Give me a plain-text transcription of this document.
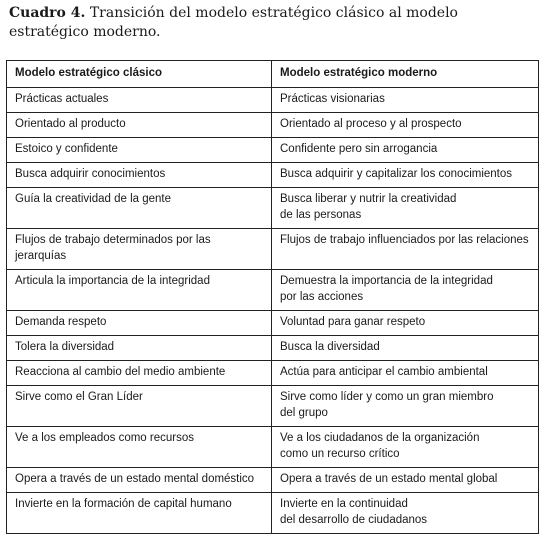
Cuadro 4. Transición del modelo estratégico clásico al modelo estratégico moderno.
Modelo estratégico clásico	Modelo estratégico moderno

Prácticas actuales	Prácticas visionarias

Orientado al producto	Orientado al proceso y al prospecto

Estoico y confidente	Confidente pero sin arrogancia

Busca adquirir conocimientos	Busca adquirir y capitalizar los conocimientos

Guía la creatividad de la gente	Busca liberar y nutrir la creatividad
de las personas

Flujos de trabajo determinados por las jerarquías	Flujos de trabajo influenciados por las relaciones

Articula la importancia de la integridad	Demuestra la importancia de la integridad
por las acciones

Demanda respeto	Voluntad para ganar respeto

Tolera la diversidad	Busca la diversidad

Reacciona al cambio del medio ambiente	Actúa para anticipar el cambio ambiental

Sirve como el Gran Líder	Sirve como líder y como un gran miembro
del grupo

Ve a los empleados como recursos	Ve a los ciudadanos de la organización
como un recurso crítico

Opera a través de un estado mental doméstico	Opera a través de un estado mental global

Invierte en la formación de capital humano	Invierte en la continuidad
del desarrollo de ciudadanos
